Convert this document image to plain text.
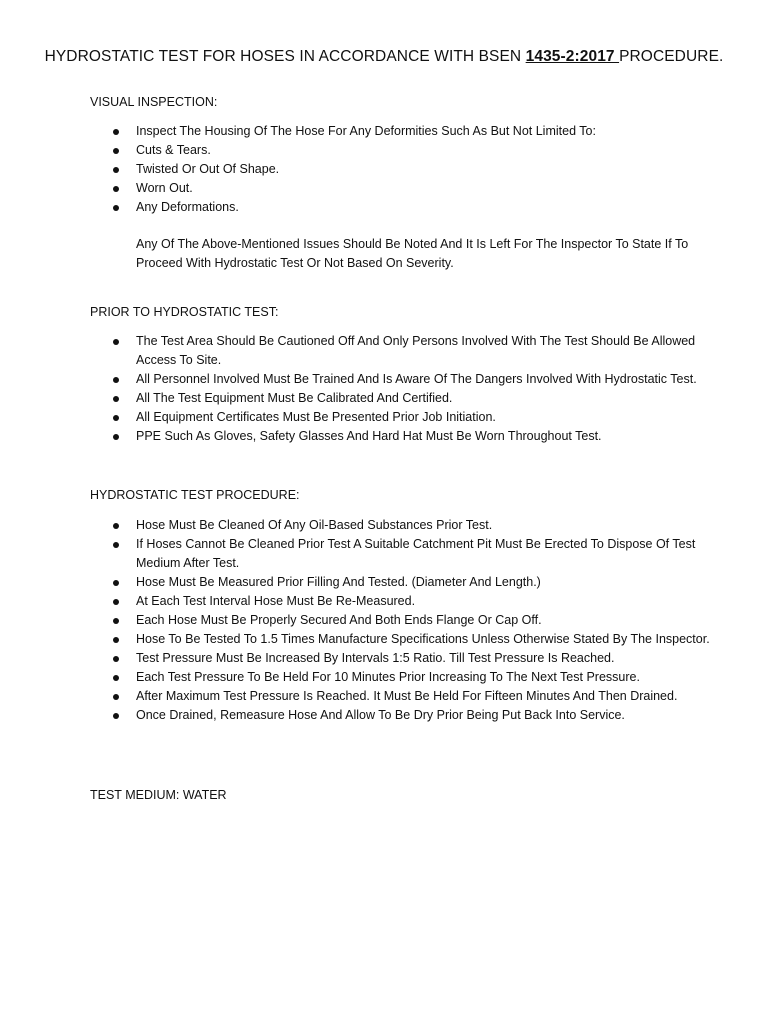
HYDROSTATIC TEST FOR HOSES IN ACCORDANCE WITH BSEN 1435-2:2017 PROCEDURE.

VISUAL INSPECTION:

Inspect The Housing Of The Hose For Any Deformities Such As But Not Limited To:
Cuts & Tears.
Twisted Or Out Of Shape.
Worn Out.
Any Deformations.
Any Of The Above-Mentioned Issues Should Be Noted And It Is Left For The Inspector To State If To Proceed With Hydrostatic Test Or Not Based On Severity.

PRIOR TO HYDROSTATIC TEST:

The Test Area Should Be Cautioned Off And Only Persons Involved With The Test Should Be Allowed Access To Site.
All Personnel Involved Must Be Trained And Is Aware Of The Dangers Involved With Hydrostatic Test.
All The Test Equipment Must Be Calibrated And Certified.
All Equipment Certificates Must Be Presented Prior Job Initiation.
PPE Such As Gloves, Safety Glasses And Hard Hat Must Be Worn Throughout Test.

HYDROSTATIC TEST PROCEDURE:

Hose Must Be Cleaned Of Any Oil-Based Substances Prior Test.
If Hoses Cannot Be Cleaned Prior Test A Suitable Catchment Pit Must Be Erected To Dispose Of Test Medium After Test.
Hose Must Be Measured Prior Filling And Tested. (Diameter And Length.)
At Each Test Interval Hose Must Be Re-Measured.
Each Hose Must Be Properly Secured And Both Ends Flange Or Cap Off.
Hose To Be Tested To 1.5 Times Manufacture Specifications Unless Otherwise Stated By The Inspector.
Test Pressure Must Be Increased By Intervals 1:5 Ratio. Till Test Pressure Is Reached.
Each Test Pressure To Be Held For 10 Minutes Prior Increasing To The Next Test Pressure.
After Maximum Test Pressure Is Reached. It Must Be Held For Fifteen Minutes And Then Drained.
Once Drained, Remeasure Hose And Allow To Be Dry Prior Being Put Back Into Service.

TEST MEDIUM: WATER
